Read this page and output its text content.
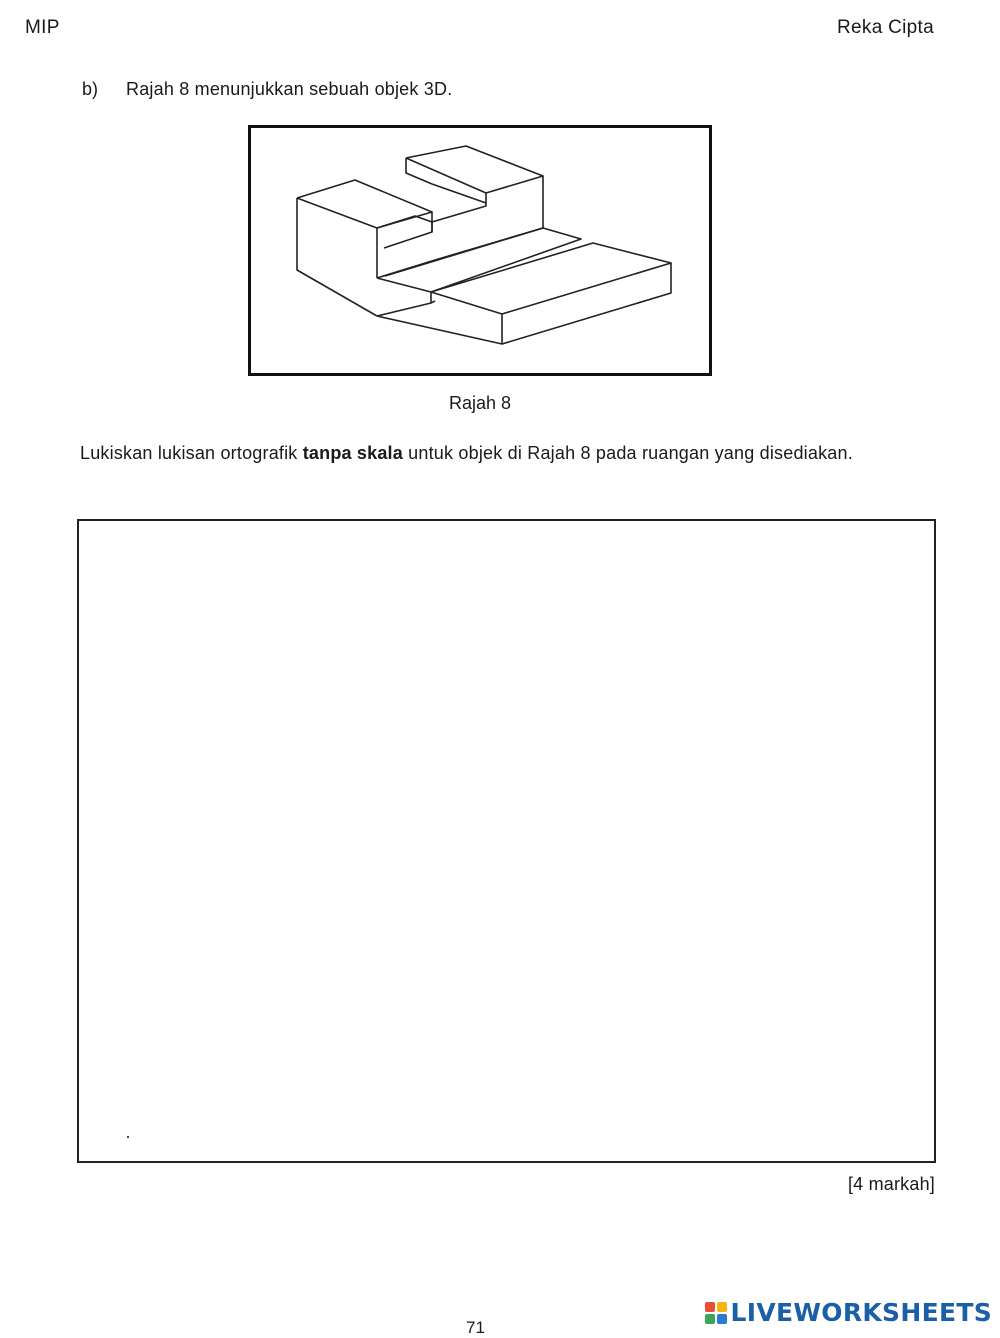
MIP	Reka Cipta
b) Rajah 8 menunjukkan sebuah objek 3D.
Rajah 8
Lukiskan lukisan ortografik tanpa skala untuk objek di Rajah 8 pada ruangan yang disediakan.
[4 markah]
71
LIVEWORKSHEETS
